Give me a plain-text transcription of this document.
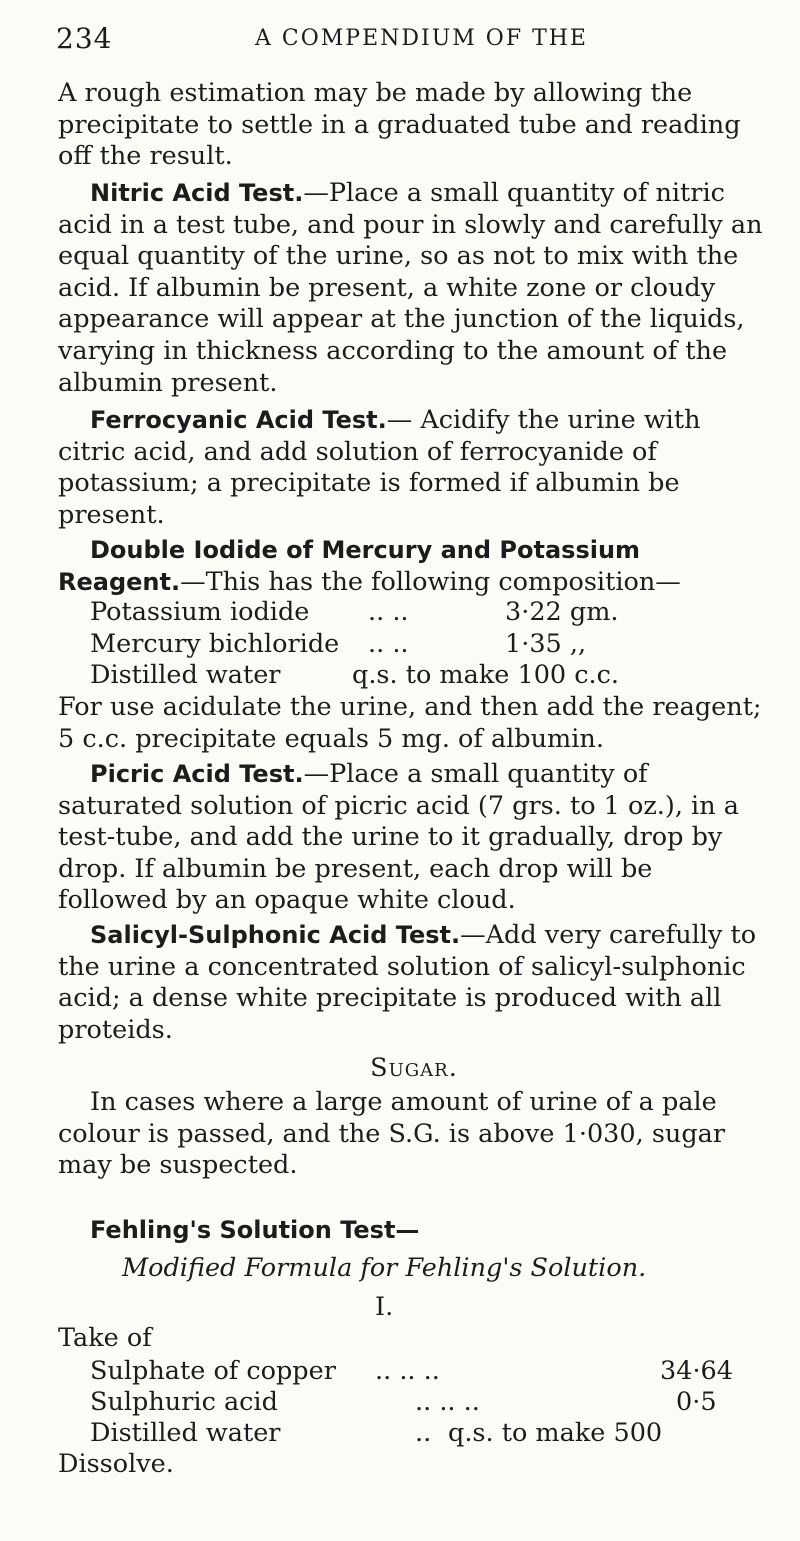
234	A COMPENDIUM OF THE

A rough estimation may be made by allowing the precipitate to settle in a graduated tube and reading off the result.

Nitric Acid Test.—Place a small quantity of nitric acid in a test tube, and pour in slowly and carefully an equal quantity of the urine, so as not to mix with the acid. If albumin be present, a white zone or cloudy appearance will appear at the junction of the liquids, varying in thickness according to the amount of the albumin present.

Ferrocyanic Acid Test.— Acidify the urine with citric acid, and add solution of ferrocyanide of potassium; a precipitate is formed if albumin be present.

Double Iodide of Mercury and Potassium Reagent.—This has the following composition—

Potassium iodide .. ..	3·22 gm.
Mercury bichloride .. ..	1·35 ,,
Distilled water	q.s. to make 100 c.c.

For use acidulate the urine, and then add the reagent; 5 c.c. precipitate equals 5 mg. of albumin.

Picric Acid Test.—Place a small quantity of saturated solution of picric acid (7 grs. to 1 oz.), in a test-tube, and add the urine to it gradually, drop by drop. If albumin be present, each drop will be followed by an opaque white cloud.

Salicyl-Sulphonic Acid Test.—Add very carefully to the urine a concentrated solution of salicyl-sulphonic acid; a dense white precipitate is produced with all proteids.

Sugar.

In cases where a large amount of urine of a pale colour is passed, and the S.G. is above 1·030, sugar may be suspected.

Fehling's Solution Test—

Modified Formula for Fehling's Solution.
I.
Take of
Sulphate of copper .. .. ..	34·64
Sulphuric acid	.. .. ..	0·5
Distilled water	.. q.s. to make 500
Dissolve.
